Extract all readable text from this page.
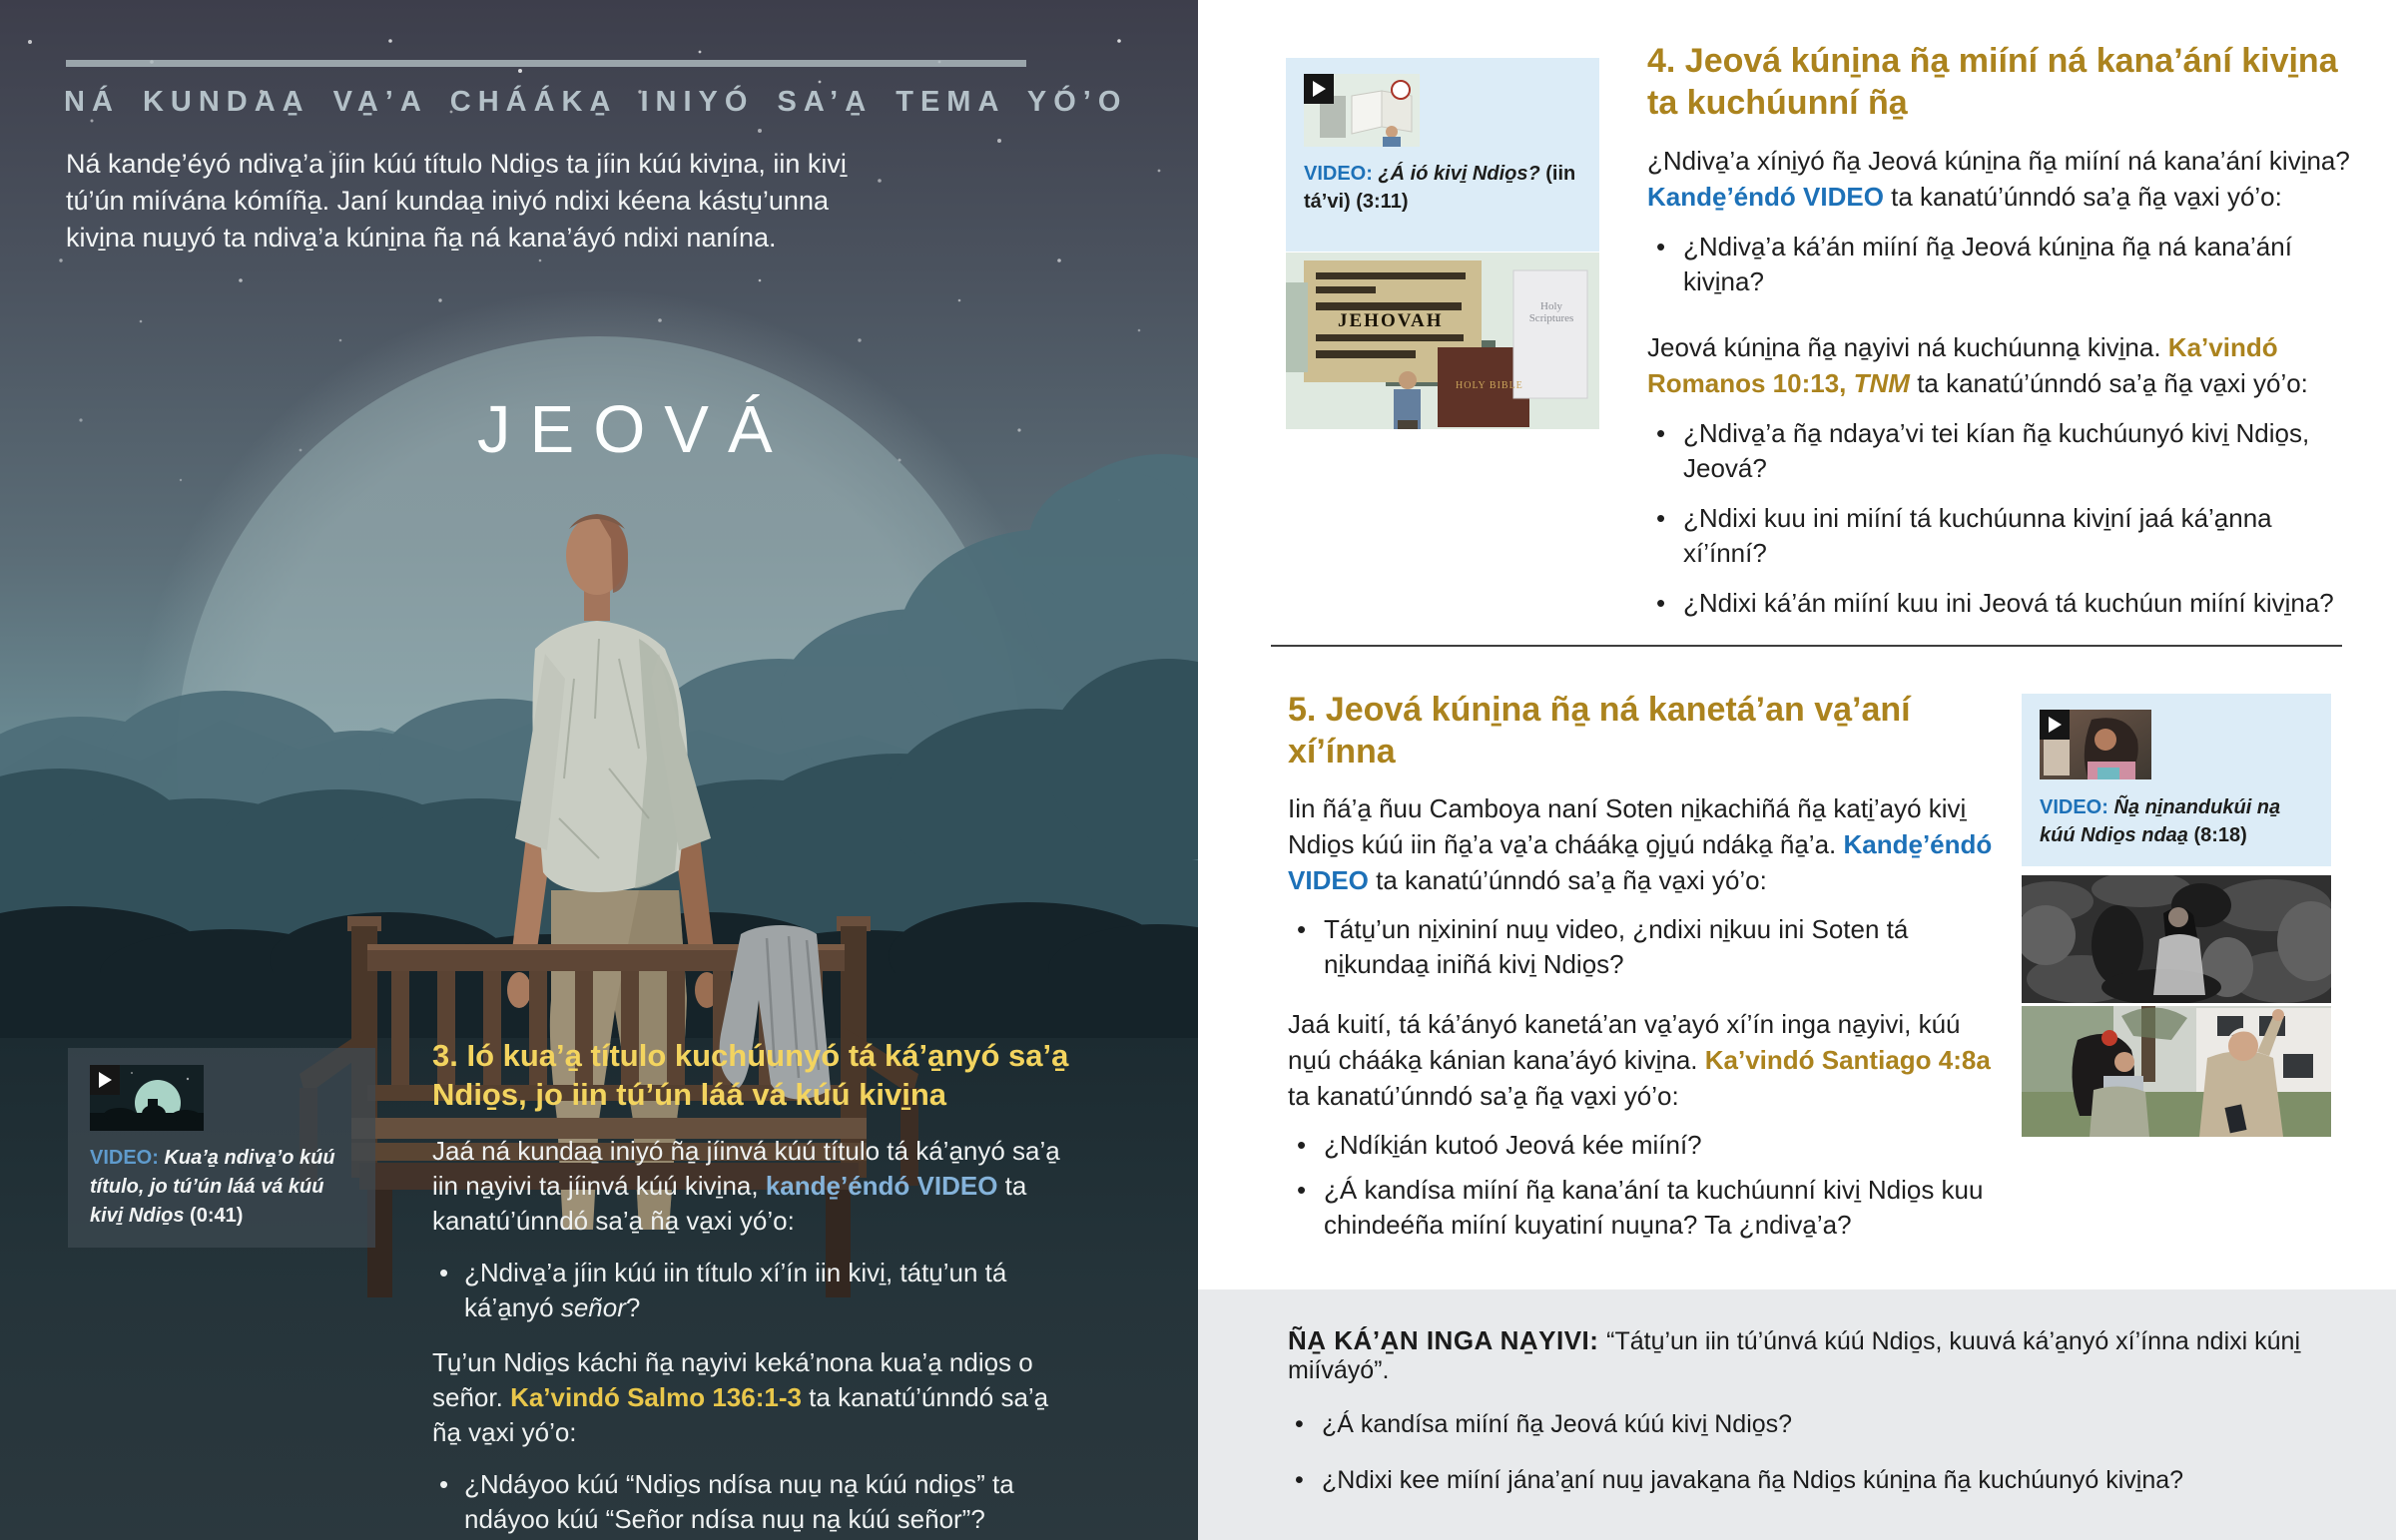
NÁ KUNDAA̱ VA̱’A CHÁÁKA̱ INIYÓ SA’A̱ TEMA YÓ’O

Ná kande̱’éyó ndiva̱’a jíin kúú título Ndio̱s ta jíin kúú kivi̱na, iin kivi̱ tú’ún miívána kómíña̱. Janí kundaa̱ iniyó ndixi kéena kástu̱’unna kivi̱na nuu̱yó ta ndiva̱’a kúni̱na ña̱ ná kana’áyó ndixi nanína.

JEOVÁ
VIDEO: Kua’a̱ ndiva̱’o kúú título, jo tú’ún láá vá kúú kivi̱ Ndio̱s (0:41)
3. Ió kua’a̱ título kuchúunyó tá ká’a̱nyó sa’a̱ Ndio̱s, jo iin tú’ún láá vá kúú kivi̱na

Jaá ná kundaa̱ iniyó ña̱ jíinvá kúú título tá ká’a̱nyó sa’a̱ iin na̱yivi ta jíinvá kúú kivi̱na, kande̱’éndó VIDEO ta kanatú’únndó sa’a̱ ña̱ va̱xi yó’o:

• ¿Ndiva̱’a jíin kúú iin título xí’ín iin kivi̱, tátu̱’un tá ká’a̱nyó señor?

Tu̱’un Ndio̱s káchi ña̱ na̱yivi keká’nona kua’a̱ ndio̱s o señor. Ka’vindó Salmo 136:1-3 ta kanatú’únndó sa’a̱ ña̱ va̱xi yó’o:

• ¿Ndáyoo kúú “Ndio̱s ndísa nuu̱ na̱ kúú ndio̱s” ta ndáyoo kúú “Señor ndísa nuu̱ na̱ kúú señor”?
VIDEO: ¿Á ió kivi̱ Ndio̱s? (iin tá’vi) (3:11)
JEHOVAH
Holy Scriptures
HOLY BIBLE
4. Jeová kúni̱na ña̱ miíní ná kana’ání kivi̱na ta kuchúunní ña̱

¿Ndiva̱’a xíni̱yó ña̱ Jeová kúni̱na ña̱ miíní ná kana’ání kivi̱na? Kande̱’éndó VIDEO ta kanatú’únndó sa’a̱ ña̱ va̱xi yó’o:

• ¿Ndiva̱’a ká’án miíní ña̱ Jeová kúni̱na ña̱ ná kana’ání kivi̱na?

Jeová kúni̱na ña̱ na̱yivi ná kuchúunna̱ kivi̱na. Ka’vindó Romanos 10:13, TNM ta kanatú’únndó sa’a̱ ña̱ va̱xi yó’o:

• ¿Ndiva̱’a ña̱ ndaya’vi tei kían ña̱ kuchúunyó kivi̱ Ndio̱s, Jeová?
• ¿Ndixi kuu ini miíní tá kuchúunna kivi̱ní jaá ká’a̱nna xí’ínní?
• ¿Ndixi ká’án miíní kuu ini Jeová tá kuchúun miíní kivi̱na?
5. Jeová kúni̱na ña̱ ná kanetá’an va̱’aní xí’ínna

Iin ñá’a̱ ñuu Camboya naní Soten ni̱kachiñá ña̱ kati̱’ayó kivi̱ Ndio̱s kúú iin ña̱’a va̱’a chááka̱ o̱ju̱ú ndáka̱ ña̱’a. Kande̱’éndó VIDEO ta kanatú’únndó sa’a̱ ña̱ va̱xi yó’o:

• Tátu̱’un ni̱xininí nuu̱ video, ¿ndixi ni̱kuu ini Soten tá ni̱kundaa̱ iniñá kivi̱ Ndio̱s?

Jaá kuití, tá ká’ányó kanetá’an va̱’ayó xí’ín inga na̱yivi, kúú nu̱ú chááka̱ kánian kana’áyó kivi̱na. Ka’vindó Santiago 4:8a ta kanatú’únndó sa’a̱ ña̱ va̱xi yó’o:

• ¿Ndíki̱án kutoó Jeová kée miíní?
• ¿Á kandísa miíní ña̱ kana’ání ta kuchúunní kivi̱ Ndio̱s kuu chindeéña miíní kuyatiní nuu̱na? Ta ¿ndiva̱’a?
VIDEO: Ña̱ ni̱nandukúi na̱ kúú Ndio̱s ndaa̱ (8:18)
ÑA̱ KÁ’A̱N INGA NA̱YIVI: “Tátu̱’un iin tú’únvá kúú Ndio̱s, kuuvá ká’a̱nyó xí’ínna ndixi kúni̱ miíváyó”.
• ¿Á kandísa miíní ña̱ Jeová kúú kivi̱ Ndio̱s?
• ¿Ndixi kee miíní jána’a̱ní nuu̱ javaka̱na ña̱ Ndio̱s kúni̱na ña̱ kuchúunyó kivi̱na?
